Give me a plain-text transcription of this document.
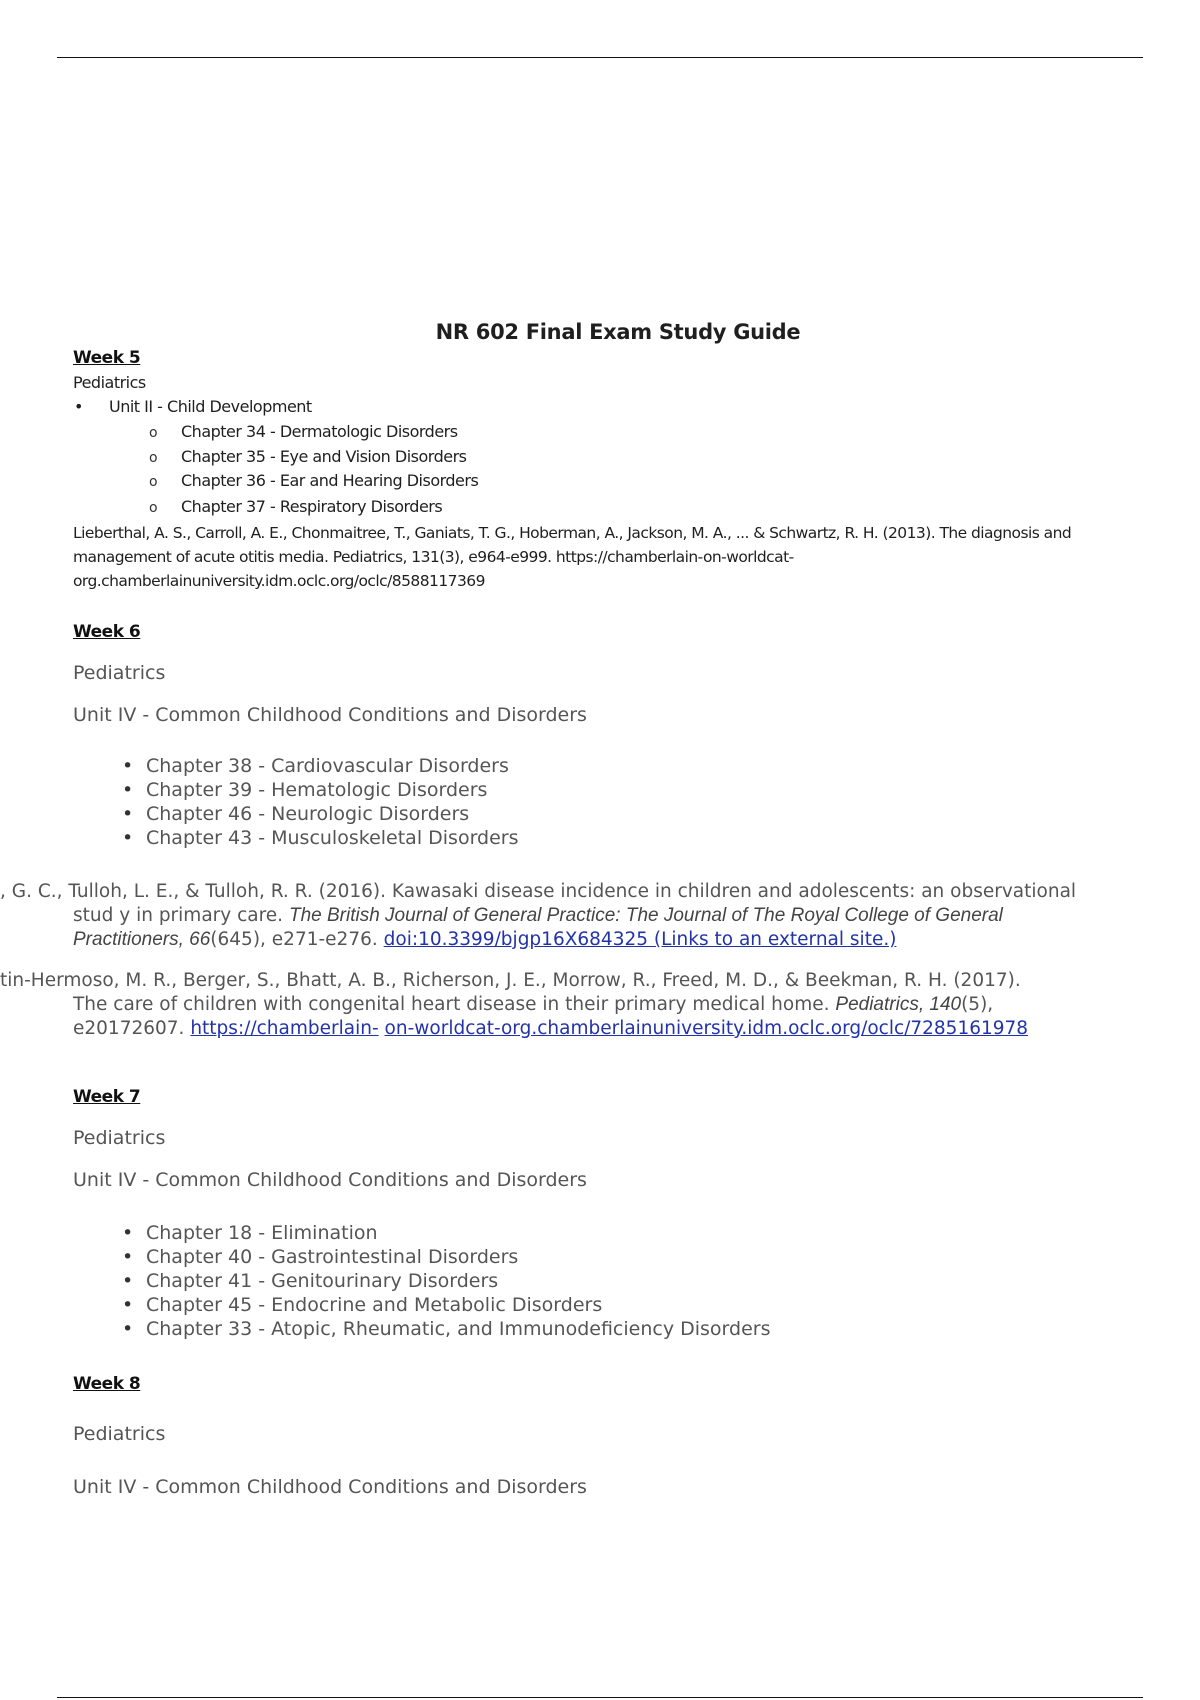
NR 602 Final Exam Study Guide
Week 5
Pediatrics
• Unit II - Child Development
o Chapter 34 - Dermatologic Disorders
o Chapter 35 - Eye and Vision Disorders
o Chapter 36 - Ear and Hearing Disorders
o Chapter 37 - Respiratory Disorders

Lieberthal, A. S., Carroll, A. E., Chonmaitree, T., Ganiats, T. G., Hoberman, A., Jackson, M. A., ... & Schwartz, R. H. (2013). The diagnosis and management of acute otitis media. Pediatrics, 131(3), e964-e999. https://chamberlain-on-worldcat-org.chamberlainuniversity.idm.oclc.org/oclc/8588117369

Week 6
Pediatrics
Unit IV - Common Childhood Conditions and Disorders
• Chapter 38 - Cardiovascular Disorders
• Chapter 39 - Hematologic Disorders
• Chapter 46 - Neurologic Disorders
• Chapter 43 - Musculoskeletal Disorders
, G. C., Tulloh, L. E., & Tulloh, R. R. (2016). Kawasaki disease incidence in children and adolescents: an observational
stud y in primary care. The British Journal of General Practice: The Journal of The Royal College of General
Practitioners, 66(645), e271-e276. doi:10.3399/bjgp16X684325 (Links to an external site.)
tin-Hermoso, M. R., Berger, S., Bhatt, A. B., Richerson, J. E., Morrow, R., Freed, M. D., & Beekman, R. H. (2017).
The care of children with congenital heart disease in their primary medical home. Pediatrics, 140(5),
e20172607. https://chamberlain- on-worldcat-org.chamberlainuniversity.idm.oclc.org/oclc/7285161978
Week 7
Pediatrics
Unit IV - Common Childhood Conditions and Disorders
• Chapter 18 - Elimination
• Chapter 40 - Gastrointestinal Disorders
• Chapter 41 - Genitourinary Disorders
• Chapter 45 - Endocrine and Metabolic Disorders
• Chapter 33 - Atopic, Rheumatic, and Immunodeficiency Disorders
Week 8
Pediatrics
Unit IV - Common Childhood Conditions and Disorders
